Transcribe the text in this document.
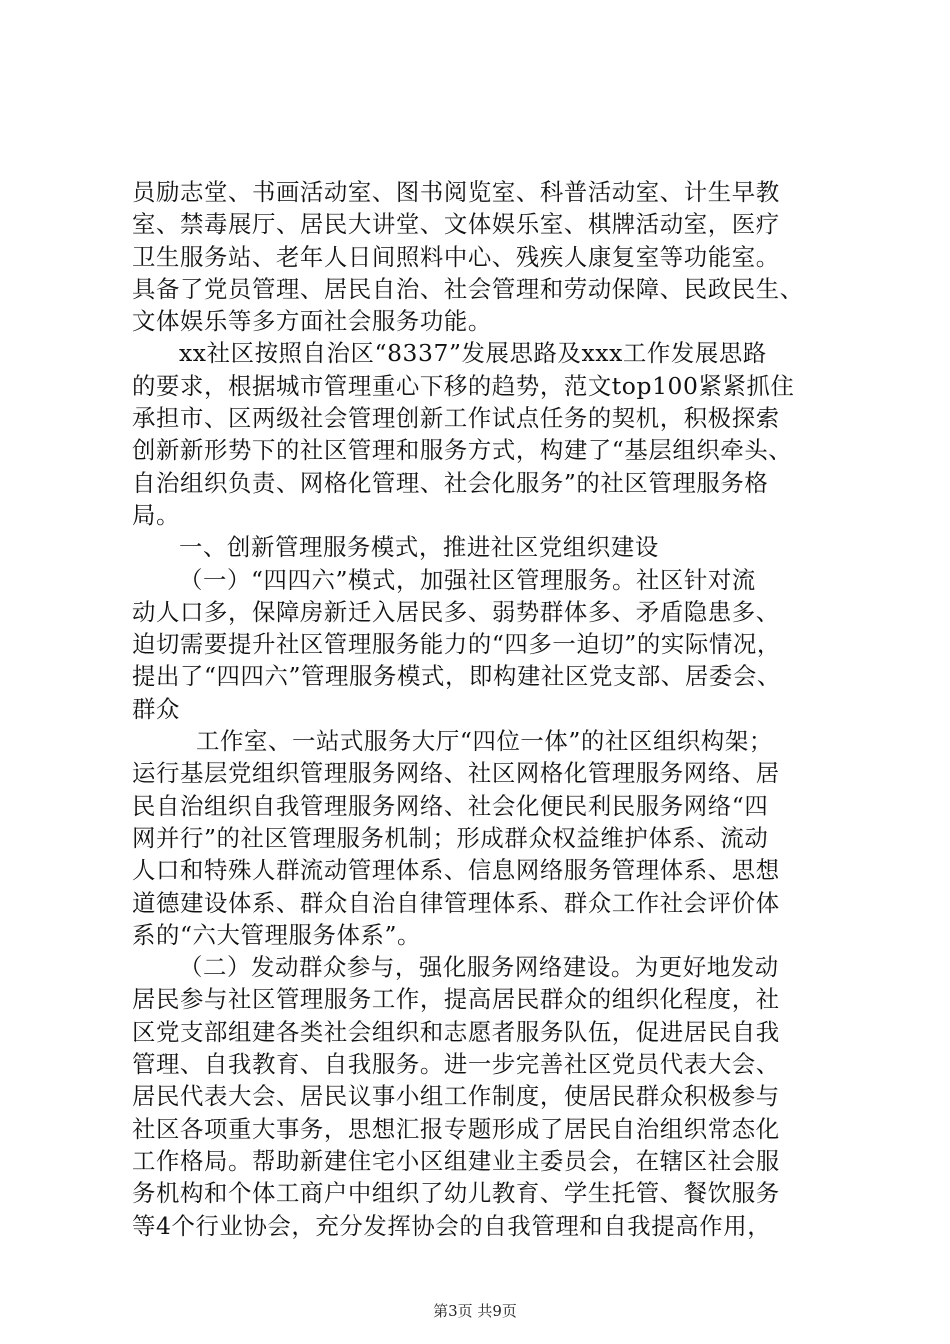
员励志堂、书画活动室、图书阅览室、科普活动室、计生早教
室、禁毒展厅、居民大讲堂、文体娱乐室、棋牌活动室，医疗
卫生服务站、老年人日间照料中心、残疾人康复室等功能室。
具备了党员管理、居民自治、社会管理和劳动保障、民政民生、
文体娱乐等多方面社会服务功能。
xx社区按照自治区“8337”发展思路及xxx工作发展思路
的要求，根据城市管理重心下移的趋势，范文top100紧紧抓住
承担市、区两级社会管理创新工作试点任务的契机，积极探索
创新新形势下的社区管理和服务方式，构建了“基层组织牵头、
自治组织负责、网格化管理、社会化服务”的社区管理服务格
局。
一、创新管理服务模式，推进社区党组织建设
（一）“四四六”模式，加强社区管理服务。社区针对流
动人口多，保障房新迁入居民多、弱势群体多、矛盾隐患多、
迫切需要提升社区管理服务能力的“四多一迫切”的实际情况，
提出了“四四六”管理服务模式，即构建社区党支部、居委会、
群众
工作室、一站式服务大厅“四位一体”的社区组织构架；
运行基层党组织管理服务网络、社区网格化管理服务网络、居
民自治组织自我管理服务网络、社会化便民利民服务网络“四
网并行”的社区管理服务机制；形成群众权益维护体系、流动
人口和特殊人群流动管理体系、信息网络服务管理体系、思想
道德建设体系、群众自治自律管理体系、群众工作社会评价体
系的“六大管理服务体系”。
（二）发动群众参与，强化服务网络建设。为更好地发动
居民参与社区管理服务工作，提高居民群众的组织化程度，社
区党支部组建各类社会组织和志愿者服务队伍，促进居民自我
管理、自我教育、自我服务。进一步完善社区党员代表大会、
居民代表大会、居民议事小组工作制度，使居民群众积极参与
社区各项重大事务，思想汇报专题形成了居民自治组织常态化
工作格局。帮助新建住宅小区组建业主委员会，在辖区社会服
务机构和个体工商户中组织了幼儿教育、学生托管、餐饮服务
等4个行业协会，充分发挥协会的自我管理和自我提高作用，
第3页 共9页
